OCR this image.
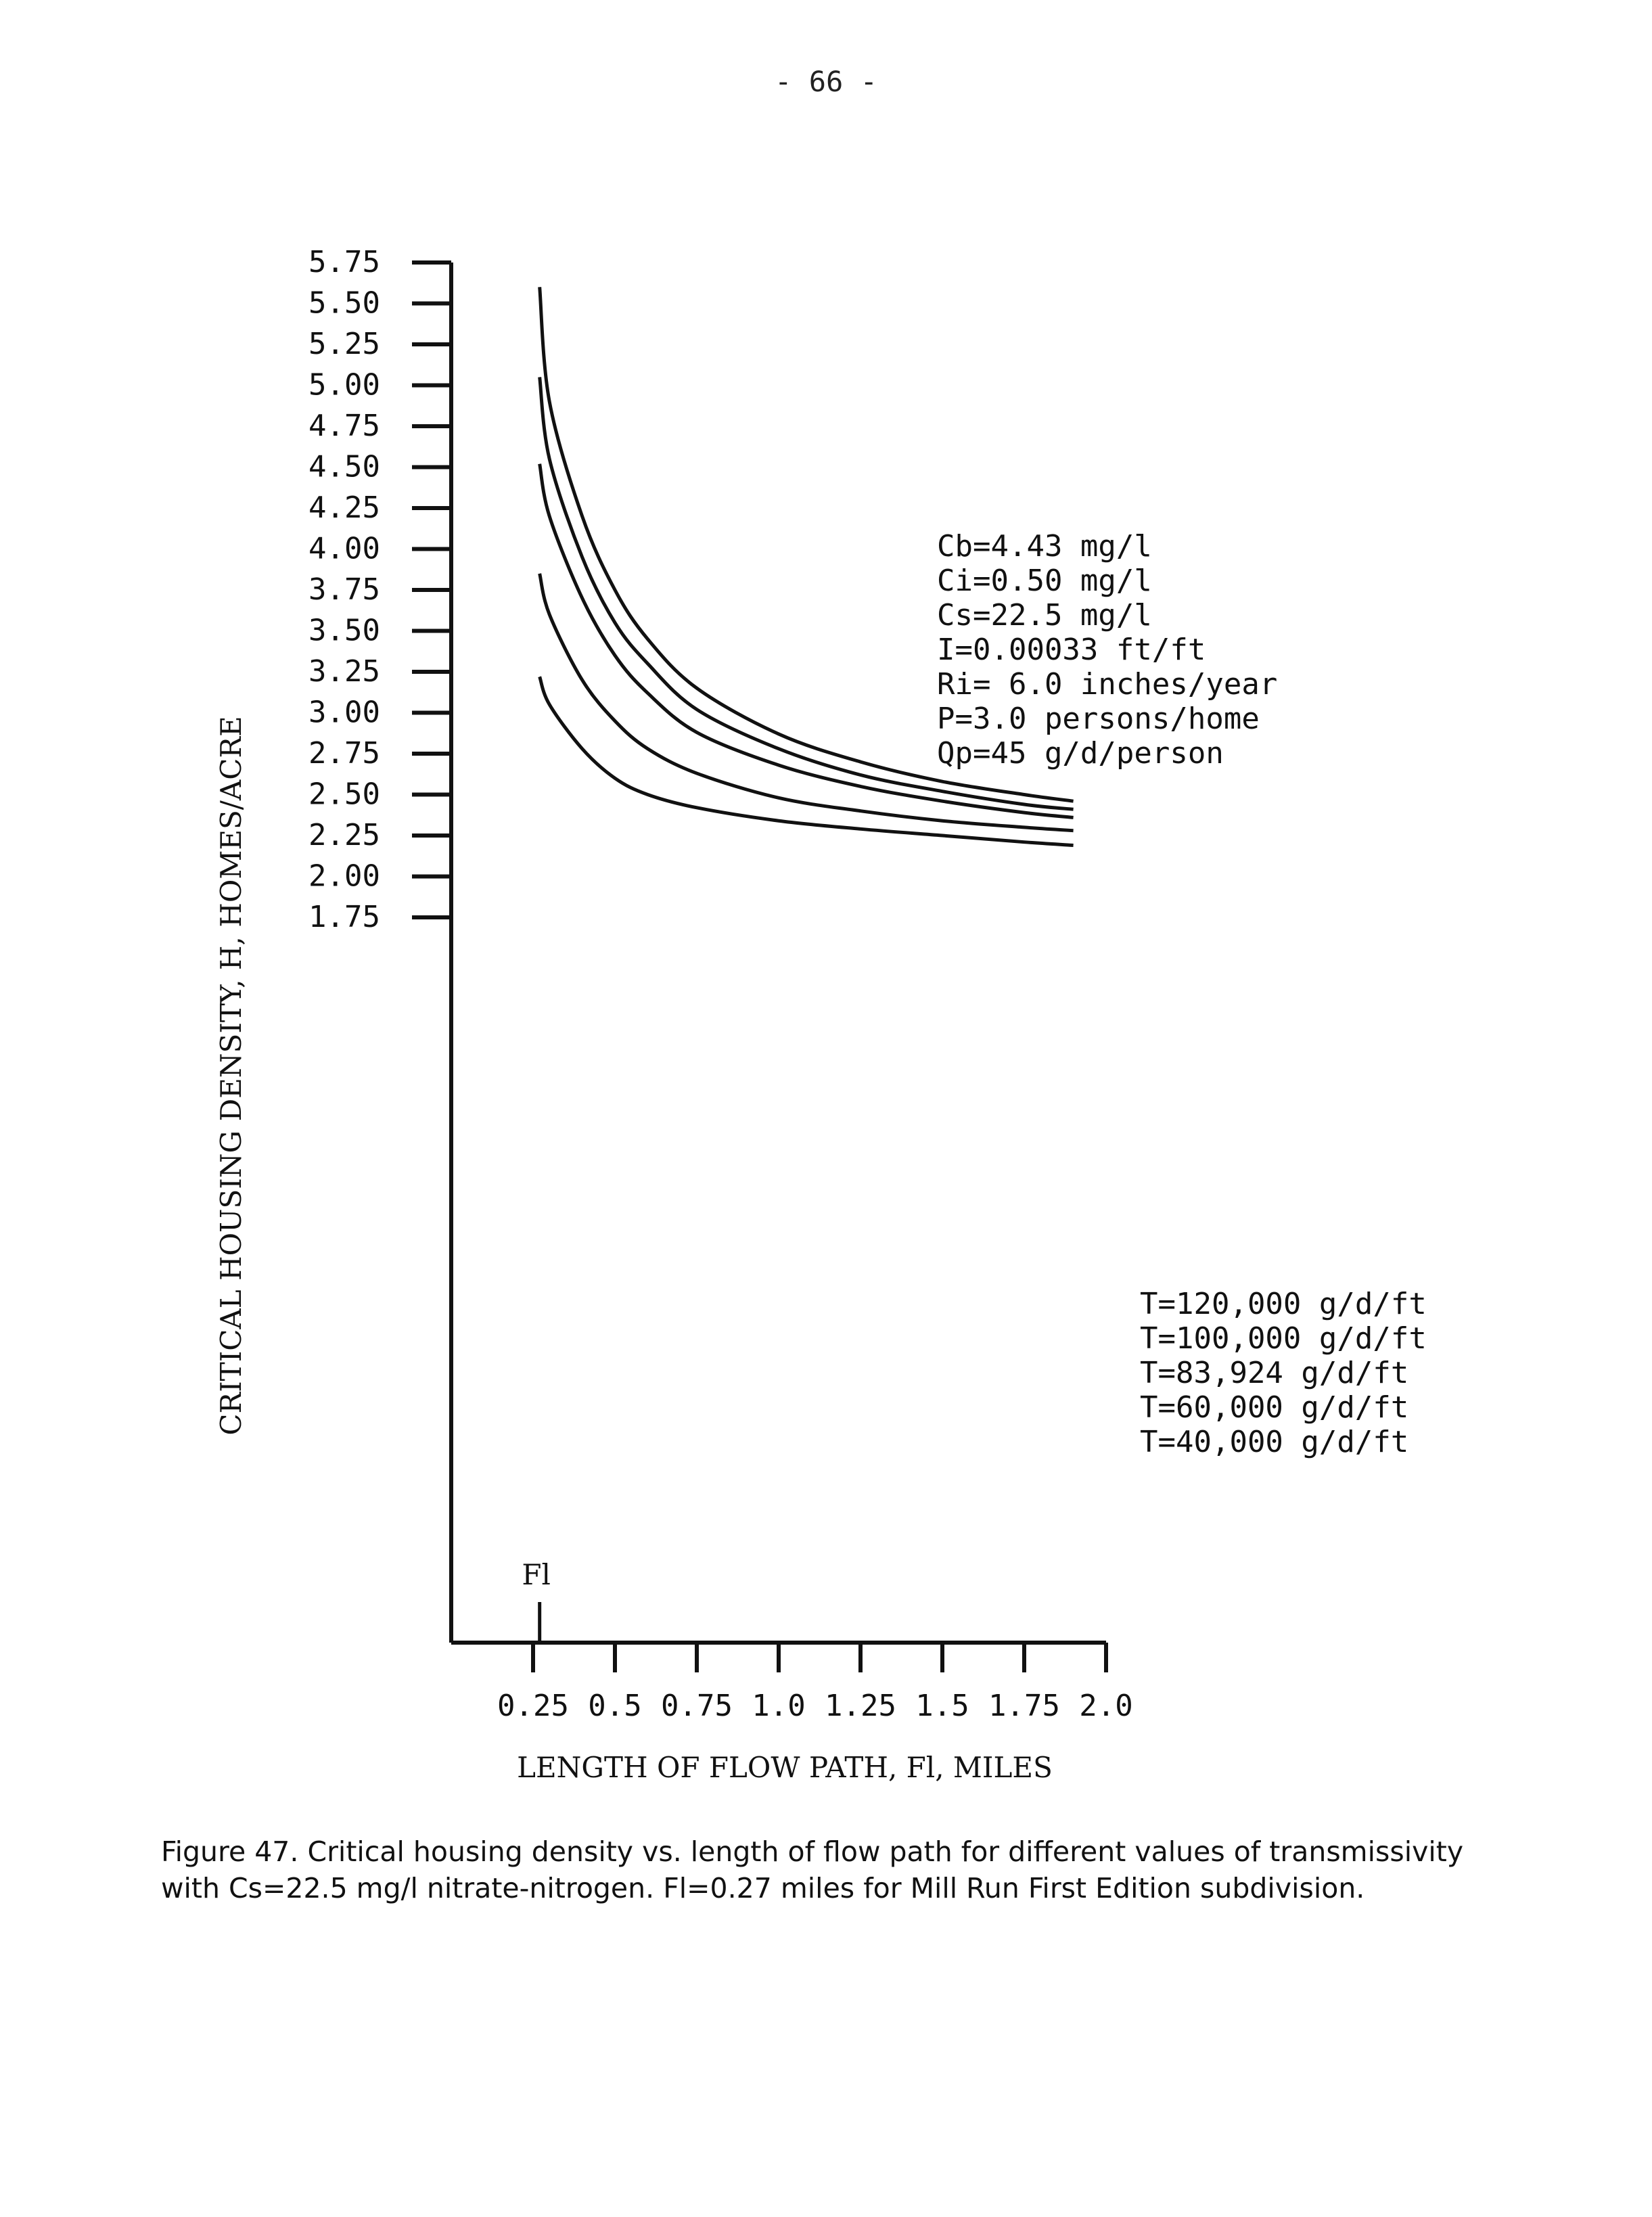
- 66 -
1.75
2.00
2.25
2.50
2.75
3.00
3.25
3.50
3.75
4.00
4.25
4.50
4.75
5.00
5.25
5.50
5.75
0.25 0.5 0.75 1.0 1.25 1.5 1.75 2.0
Fl
Cb=4.43 mg/l
Ci=0.50 mg/l
Cs=22.5 mg/l
I=0.00033 ft/ft
Ri= 6.0 inches/year
P=3.0 persons/home
Qp=45 g/d/person
T=120,000 g/d/ft
T=100,000 g/d/ft
T=83,924 g/d/ft
T=60,000 g/d/ft
T=40,000 g/d/ft
CRITICAL HOUSING DENSITY, H, HOMES/ACRE
LENGTH OF FLOW PATH, Fl, MILES

Figure 47. Critical housing density vs. length of flow path for different values of transmissivity with Cs=22.5 mg/l nitrate-nitrogen. Fl=0.27 miles for Mill Run First Edition subdivision.
